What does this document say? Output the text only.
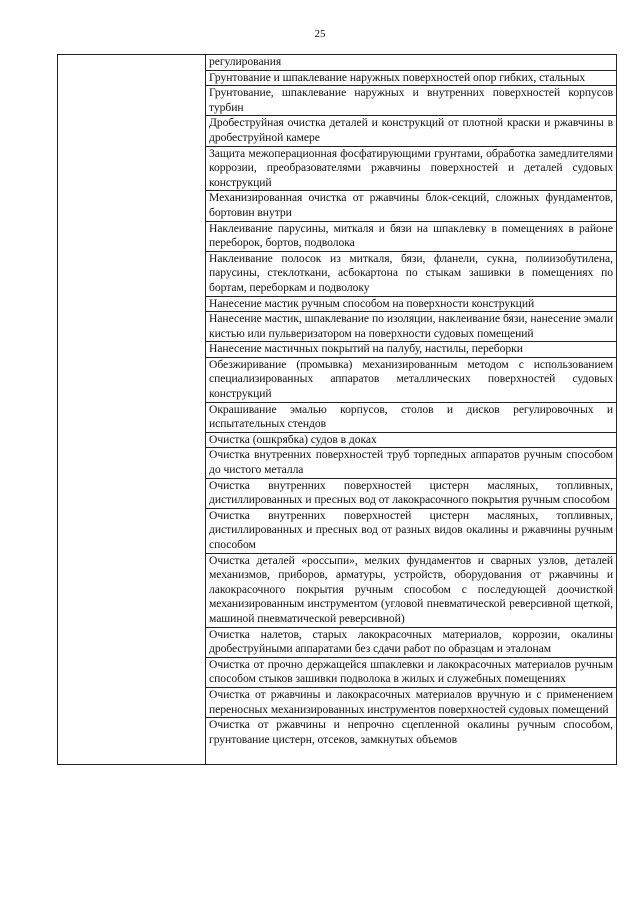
25

регулирования

Грунтование и шпаклевание наружных поверхностей опор гибких, стальных

Грунтование, шпаклевание наружных и внутренних поверхностей корпусов турбин

Дробеструйная очистка деталей и конструкций от плотной краски и ржавчины в дробеструйной камере

Защита межоперационная фосфатирующими грунтами, обработка замедлителями коррозии, преобразователями ржавчины поверхностей и деталей судовых конструкций

Механизированная очистка от ржавчины блок-секций, сложных фундаментов, бортовин внутри

Наклеивание парусины, миткаля и бязи на шпаклевку в помещениях в районе переборок, бортов, подволока

Наклеивание полосок из миткаля, бязи, фланели, сукна, полиизобутилена, парусины, стеклоткани, асбокартона по стыкам зашивки в помещениях по бортам, переборкам и подволоку

Нанесение мастик ручным способом на поверхности конструкций

Нанесение мастик, шпаклевание по изоляции, наклеивание бязи, нанесение эмали кистью или пульверизатором на поверхности судовых помещений

Нанесение мастичных покрытий на палубу, настилы, переборки

Обезжиривание (промывка) механизированным методом с использованием специализированных аппаратов металлических поверхностей судовых конструкций

Окрашивание эмалью корпусов, столов и дисков регулировочных и испытательных стендов

Очистка (ошкрябка) судов в доках

Очистка внутренних поверхностей труб торпедных аппаратов ручным способом до чистого металла

Очистка внутренних поверхностей цистерн масляных, топливных, дистиллированных и пресных вод от лакокрасочного покрытия ручным способом

Очистка внутренних поверхностей цистерн масляных, топливных, дистиллированных и пресных вод от разных видов окалины и ржавчины ручным способом

Очистка деталей «россыпи», мелких фундаментов и сварных узлов, деталей механизмов, приборов, арматуры, устройств, оборудования от ржавчины и лакокрасочного покрытия ручным способом с последующей доочисткой механизированным инструментом (угловой пневматической реверсивной щеткой, машиной пневматической реверсивной)

Очистка налетов, старых лакокрасочных материалов, коррозии, окалины дробеструйными аппаратами без сдачи работ по образцам и эталонам

Очистка от прочно держащейся шпаклевки и лакокрасочных материалов ручным способом стыков зашивки подволока в жилых и служебных помещениях

Очистка от ржавчины и лакокрасочных материалов вручную и с применением переносных механизированных инструментов поверхностей судовых помещений

Очистка от ржавчины и непрочно сцепленной окалины ручным способом, грунтование цистерн, отсеков, замкнутых объемов
